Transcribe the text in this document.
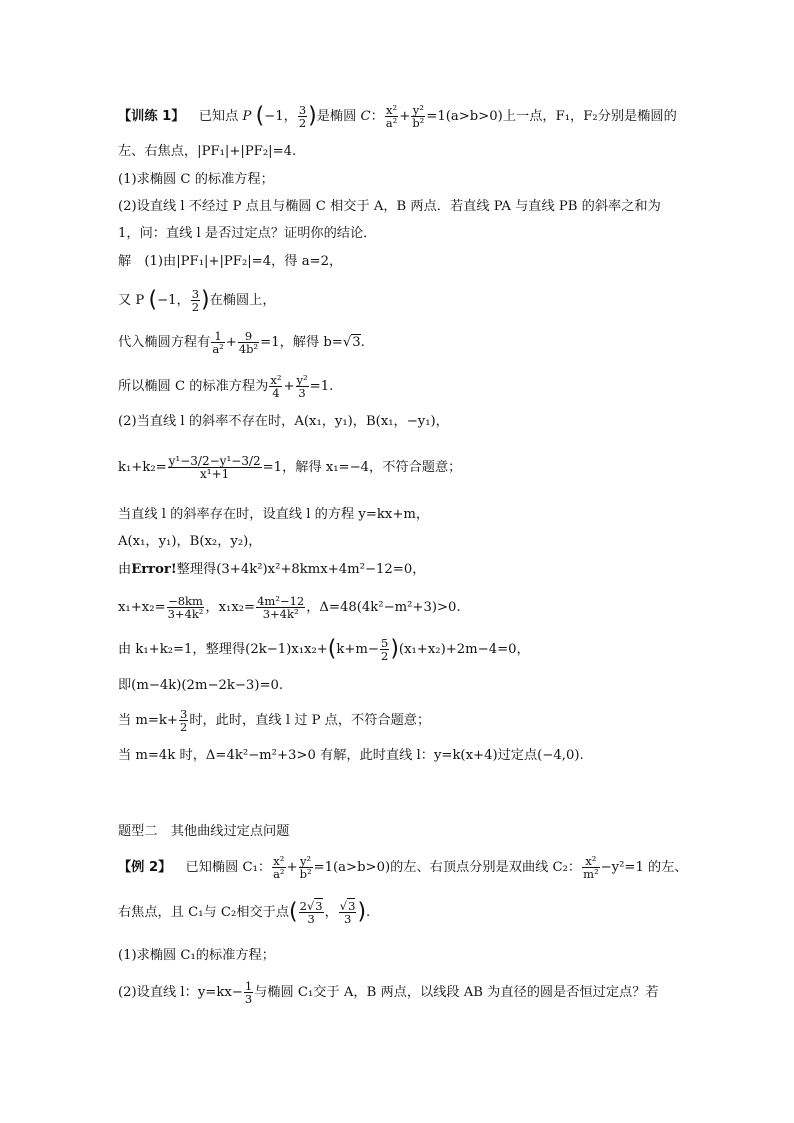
【训练 1】 已知点 P (−1， $\frac{3}{2}$ )是椭圆 C： $\frac{\text{x²}}{\text{a²}} + \frac{\text{y²}}{\text{b²}} =1(a>b>0)$上一点，F₁，F₂分别是椭圆的
左、右焦点，|PF₁|+|PF₂|=4.
(1)求椭圆 C 的标准方程；
(2)设直线 l 不经过 P 点且与椭圆 C 相交于 A，B 两点．若直线 PA 与直线 PB 的斜率之和为
1，问：直线 l 是否过定点？证明你的结论．
解　(1)由|PF₁|+|PF₂|=4，得 a=2，
又 P (−1， $\frac{3}{2}$ )在椭圆上，
代入椭圆方程有 $\frac{1}{\text{a²}} + \frac{9}{\text{4b²}} =1$，解得 b=√3.
所以椭圆 C 的标准方程为 $\frac{\text{x²}}{4} + \frac{\text{y²}}{3} =1$.
(2)当直线 l 的斜率不存在时，A(x₁，y₁)，B(x₁，−y₁)，
$k_1+k_2= \frac{\text{y¹−3/2−y¹−3/2}}{\text{x¹+1}} =1$，解得 x₁=−4，不符合题意；
当直线 l 的斜率存在时，设直线 l 的方程 y=kx+m，
A(x₁，y₁)，B(x₂，y₂)，
由Error!整理得(3+4k²)x²+8kmx+4m²−12=0，
$x_1+x_2= \frac{-8km}{\text{3+4k²}}$ ，$x_1x_2= \frac{\text{4m²−12}}{\text{3+4k²}}$ ，Δ=48(4k²−m²+3)>0.
由 k₁+k₂=1，整理得$(2k-1)x_1x_2+(k+m- \frac{5}{2} )(x_1+x_2)+2m-4=0$，
即(m−4k)(2m−2k−3)=0.
当 $m=k+ \frac{3}{2}$ 时，此时，直线 l 过 P 点，不符合题意；
当 m=4k 时，Δ=4k²−m²+3>0 有解，此时直线 l：y=k(x+4)过定点(−4,0).
题型二　其他曲线过定点问题
【例 2】 已知椭圆 C₁： $\frac{\text{x²}}{\text{a²}} + \frac{\text{y²}}{\text{b²}} =1(a>b>0)$的左、右顶点分别是双曲线 C₂： $\frac{\text{x²}}{\text{m²}} -y^2=1$ 的左、
右焦点，且 C₁与 C₂相交于点( $\frac{2√3}{3}$ ， $\frac{√3}{3}$ ).
(1)求椭圆 C₁的标准方程；
(2)设直线 l：$y=kx- \frac{1}{3}$ 与椭圆 C₁交于 A，B 两点，以线段 AB 为直径的圆是否恒过定点？若
